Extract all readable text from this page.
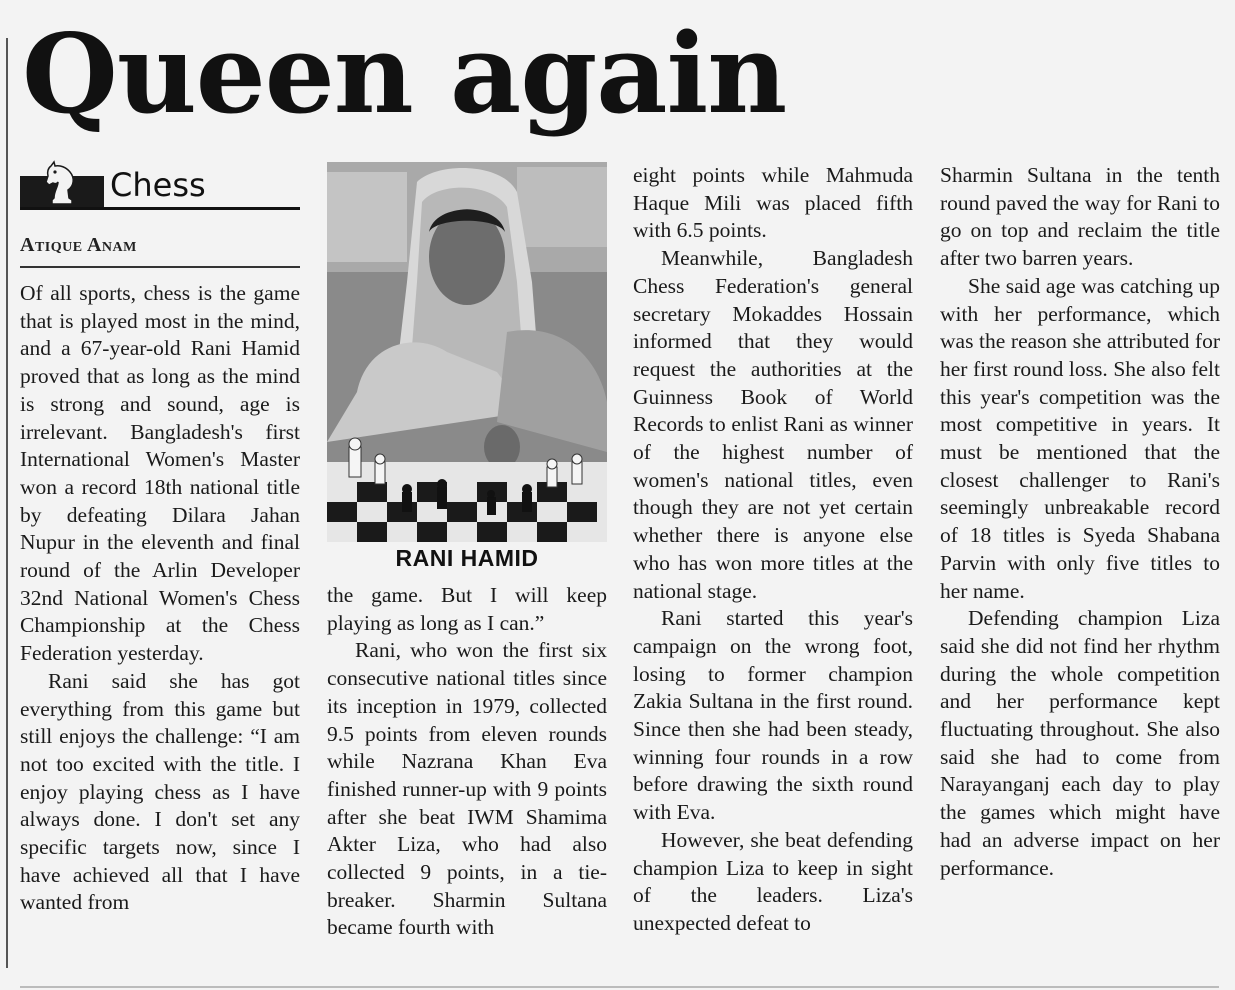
Queen again
Chess
Atique Anam
RANI HAMID

Of all sports, chess is the game that is played most in the mind, and a 67-year-old Rani Hamid proved that as long as the mind is strong and sound, age is irrelevant. Bangladesh's first International Women's Master won a record 18th national title by defeating Dilara Jahan Nupur in the eleventh and final round of the Arlin Developer 32nd National Women's Chess Championship at the Chess Federation yesterday.

Rani said she has got everything from this game but still enjoys the challenge: “I am not too excited with the title. I enjoy playing chess as I have always done. I don't set any specific targets now, since I have achieved all that I have wanted from

the game. But I will keep playing as long as I can.”

Rani, who won the first six consecutive national titles since its inception in 1979, collected 9.5 points from eleven rounds while Nazrana Khan Eva finished runner-up with 9 points after she beat IWM Shamima Akter Liza, who had also collected 9 points, in a tie-breaker. Sharmin Sultana became fourth with

eight points while Mahmuda Haque Mili was placed fifth with 6.5 points.

Meanwhile, Bangladesh Chess Federation's general secretary Mokaddes Hossain informed that they would request the authorities at the Guinness Book of World Records to enlist Rani as winner of the highest number of women's national titles, even though they are not yet certain whether there is anyone else who has won more titles at the national stage.

Rani started this year's campaign on the wrong foot, losing to former champion Zakia Sultana in the first round. Since then she had been steady, winning four rounds in a row before drawing the sixth round with Eva.

However, she beat defending champion Liza to keep in sight of the leaders. Liza's unexpected defeat to

Sharmin Sultana in the tenth round paved the way for Rani to go on top and reclaim the title after two barren years.

She said age was catching up with her performance, which was the reason she attributed for her first round loss. She also felt this year's competition was the most competitive in years. It must be mentioned that the closest challenger to Rani's seemingly unbreakable record of 18 titles is Syeda Shabana Parvin with only five titles to her name.

Defending champion Liza said she did not find her rhythm during the whole competition and her performance kept fluctuating throughout. She also said she had to come from Narayanganj each day to play the games which might have had an adverse impact on her performance.
